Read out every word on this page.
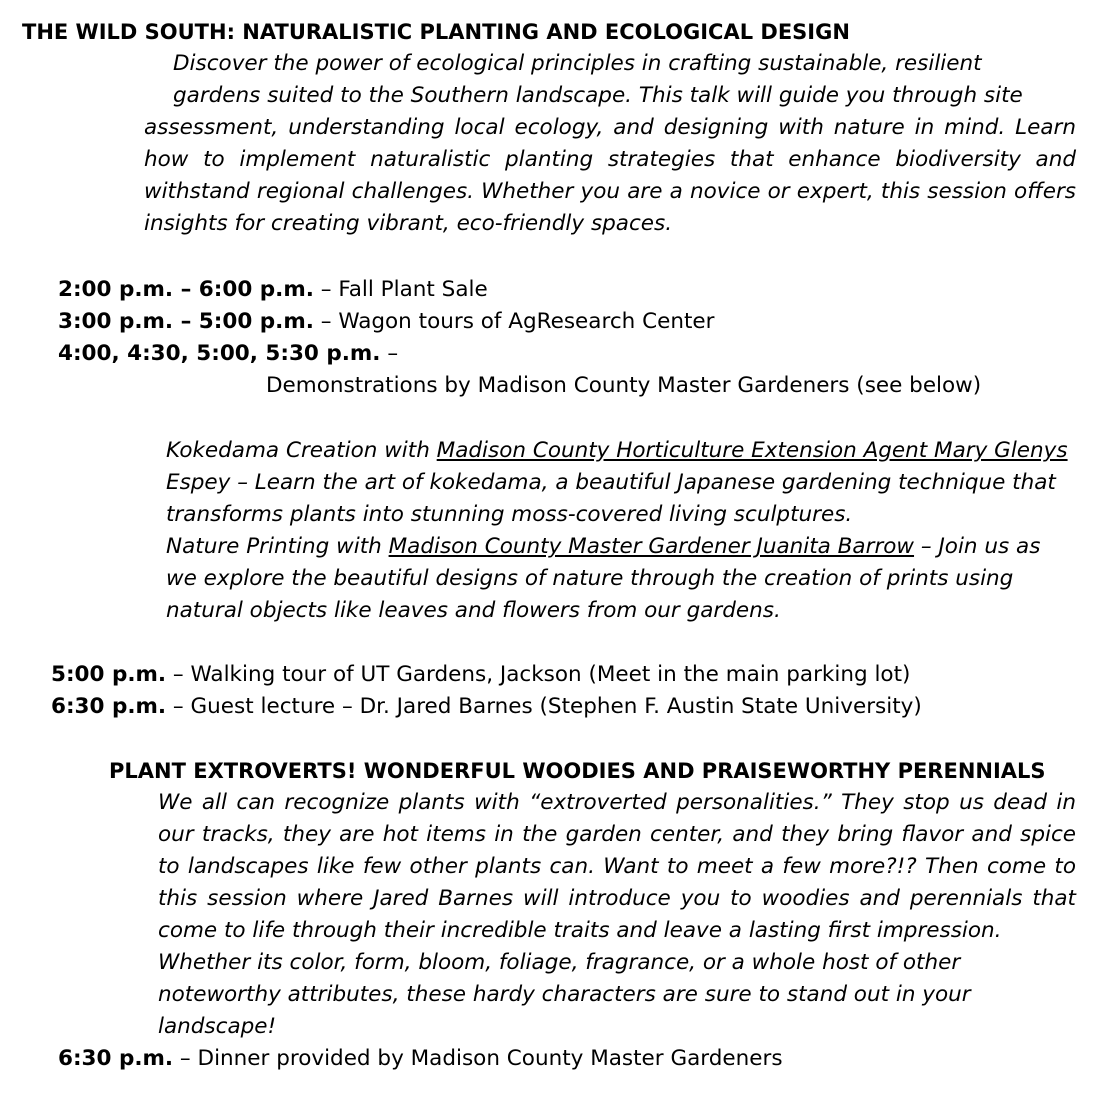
THE WILD SOUTH: NATURALISTIC PLANTING AND ECOLOGICAL DESIGN
Discover the power of ecological principles in crafting sustainable, resilient
gardens suited to the Southern landscape. This talk will guide you through site
assessment, understanding local ecology, and designing with nature in mind. Learn
how to implement naturalistic planting strategies that enhance biodiversity and
withstand regional challenges. Whether you are a novice or expert, this session offers
insights for creating vibrant, eco-friendly spaces.
2:00 p.m. – 6:00 p.m. – Fall Plant Sale
3:00 p.m. – 5:00 p.m. – Wagon tours of AgResearch Center
4:00, 4:30, 5:00, 5:30 p.m. –
Demonstrations by Madison County Master Gardeners (see below)
Kokedama Creation with Madison County Horticulture Extension Agent Mary Glenys
Espey – Learn the art of kokedama, a beautiful Japanese gardening technique that
transforms plants into stunning moss-covered living sculptures.
Nature Printing with Madison County Master Gardener Juanita Barrow – Join us as
we explore the beautiful designs of nature through the creation of prints using
natural objects like leaves and flowers from our gardens.
5:00 p.m. – Walking tour of UT Gardens, Jackson (Meet in the main parking lot)
6:30 p.m. – Guest lecture – Dr. Jared Barnes (Stephen F. Austin State University)
PLANT EXTROVERTS! WONDERFUL WOODIES AND PRAISEWORTHY PERENNIALS
We all can recognize plants with “extroverted personalities.” They stop us dead in
our tracks, they are hot items in the garden center, and they bring flavor and spice
to landscapes like few other plants can. Want to meet a few more?!? Then come to
this session where Jared Barnes will introduce you to woodies and perennials that
come to life through their incredible traits and leave a lasting first impression.
Whether its color, form, bloom, foliage, fragrance, or a whole host of other
noteworthy attributes, these hardy characters are sure to stand out in your
landscape!
6:30 p.m. – Dinner provided by Madison County Master Gardeners
